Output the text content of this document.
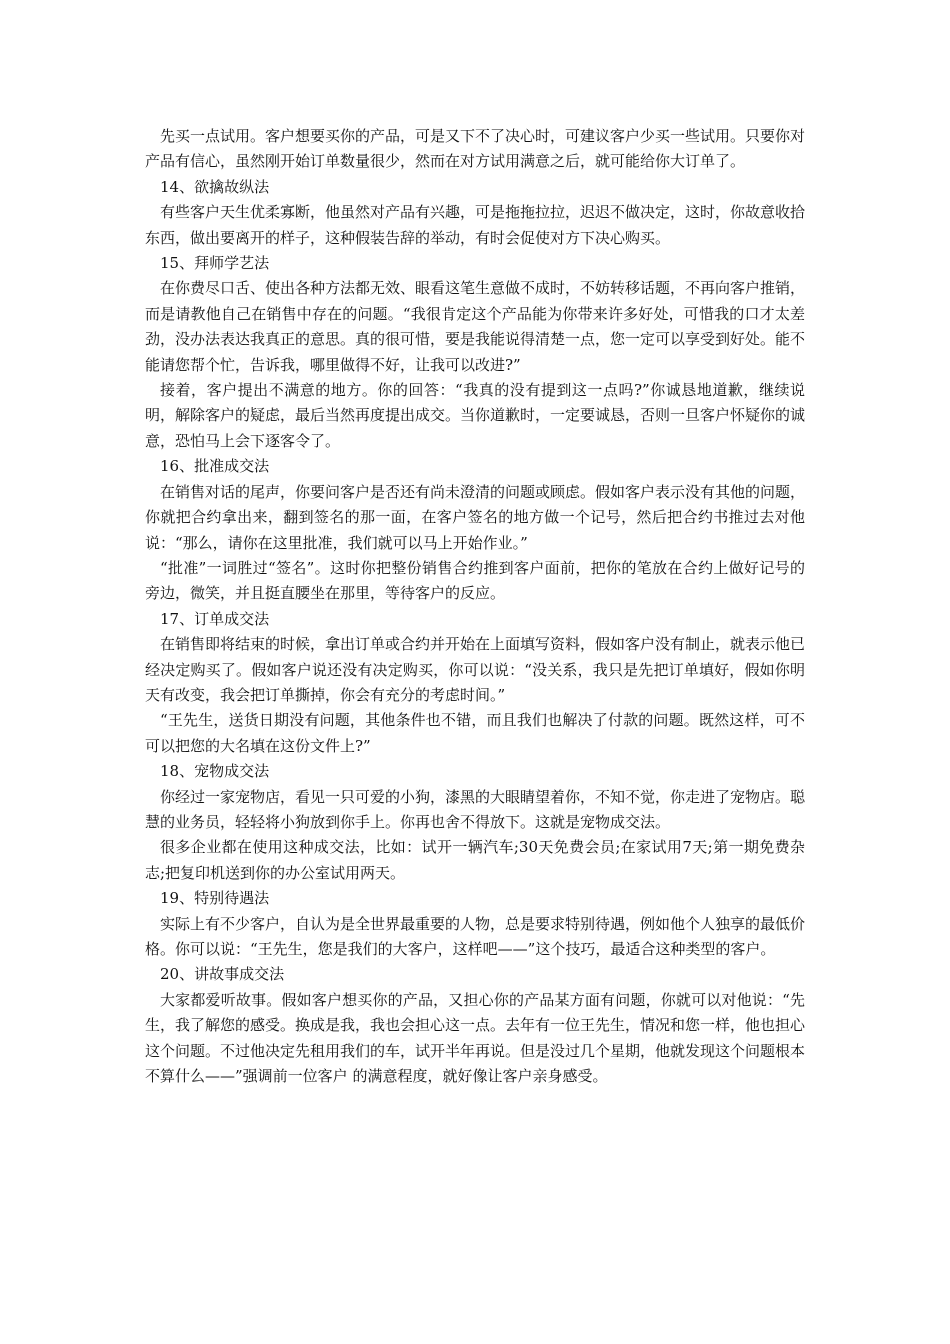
先买一点试用。客户想要买你的产品，可是又下不了决心时，可建议客户少买一些试用。只要你对产品有信心，虽然刚开始订单数量很少，然而在对方试用满意之后，就可能给你大订单了。

14、欲擒故纵法

有些客户天生优柔寡断，他虽然对产品有兴趣，可是拖拖拉拉，迟迟不做决定，这时，你故意收拾东西，做出要离开的样子，这种假装告辞的举动，有时会促使对方下决心购买。

15、拜师学艺法

在你费尽口舌、使出各种方法都无效、眼看这笔生意做不成时，不妨转移话题，不再向客户推销，而是请教他自己在销售中存在的问题。“我很肯定这个产品能为你带来许多好处，可惜我的口才太差劲，没办法表达我真正的意思。真的很可惜，要是我能说得清楚一点，您一定可以享受到好处。能不能请您帮个忙，告诉我，哪里做得不好，让我可以改进?”

接着，客户提出不满意的地方。你的回答：“我真的没有提到这一点吗?”你诚恳地道歉，继续说明，解除客户的疑虑，最后当然再度提出成交。当你道歉时，一定要诚恳，否则一旦客户怀疑你的诚意，恐怕马上会下逐客令了。

16、批准成交法

在销售对话的尾声，你要问客户是否还有尚未澄清的问题或顾虑。假如客户表示没有其他的问题，你就把合约拿出来，翻到签名的那一面，在客户签名的地方做一个记号，然后把合约书推过去对他说：“那么，请你在这里批准，我们就可以马上开始作业。”

“批准”一词胜过“签名”。这时你把整份销售合约推到客户面前，把你的笔放在合约上做好记号的旁边，微笑，并且挺直腰坐在那里，等待客户的反应。

17、订单成交法

在销售即将结束的时候，拿出订单或合约并开始在上面填写资料，假如客户没有制止，就表示他已经决定购买了。假如客户说还没有决定购买，你可以说：“没关系，我只是先把订单填好，假如你明天有改变，我会把订单撕掉，你会有充分的考虑时间。”

“王先生，送货日期没有问题，其他条件也不错，而且我们也解决了付款的问题。既然这样，可不可以把您的大名填在这份文件上?”

18、宠物成交法

你经过一家宠物店，看见一只可爱的小狗，漆黑的大眼睛望着你，不知不觉，你走进了宠物店。聪慧的业务员，轻轻将小狗放到你手上。你再也舍不得放下。这就是宠物成交法。

很多企业都在使用这种成交法，比如：试开一辆汽车;30天免费会员;在家试用7天;第一期免费杂志;把复印机送到你的办公室试用两天。

19、特别待遇法

实际上有不少客户，自认为是全世界最重要的人物，总是要求特别待遇，例如他个人独享的最低价格。你可以说：“王先生，您是我们的大客户，这样吧——”这个技巧，最适合这种类型的客户。

20、讲故事成交法

大家都爱听故事。假如客户想买你的产品，又担心你的产品某方面有问题，你就可以对他说：“先生，我了解您的感受。换成是我，我也会担心这一点。去年有一位王先生，情况和您一样，他也担心这个问题。不过他决定先租用我们的车，试开半年再说。但是没过几个星期，他就发现这个问题根本不算什么——”强调前一位客户 的满意程度，就好像让客户亲身感受。
